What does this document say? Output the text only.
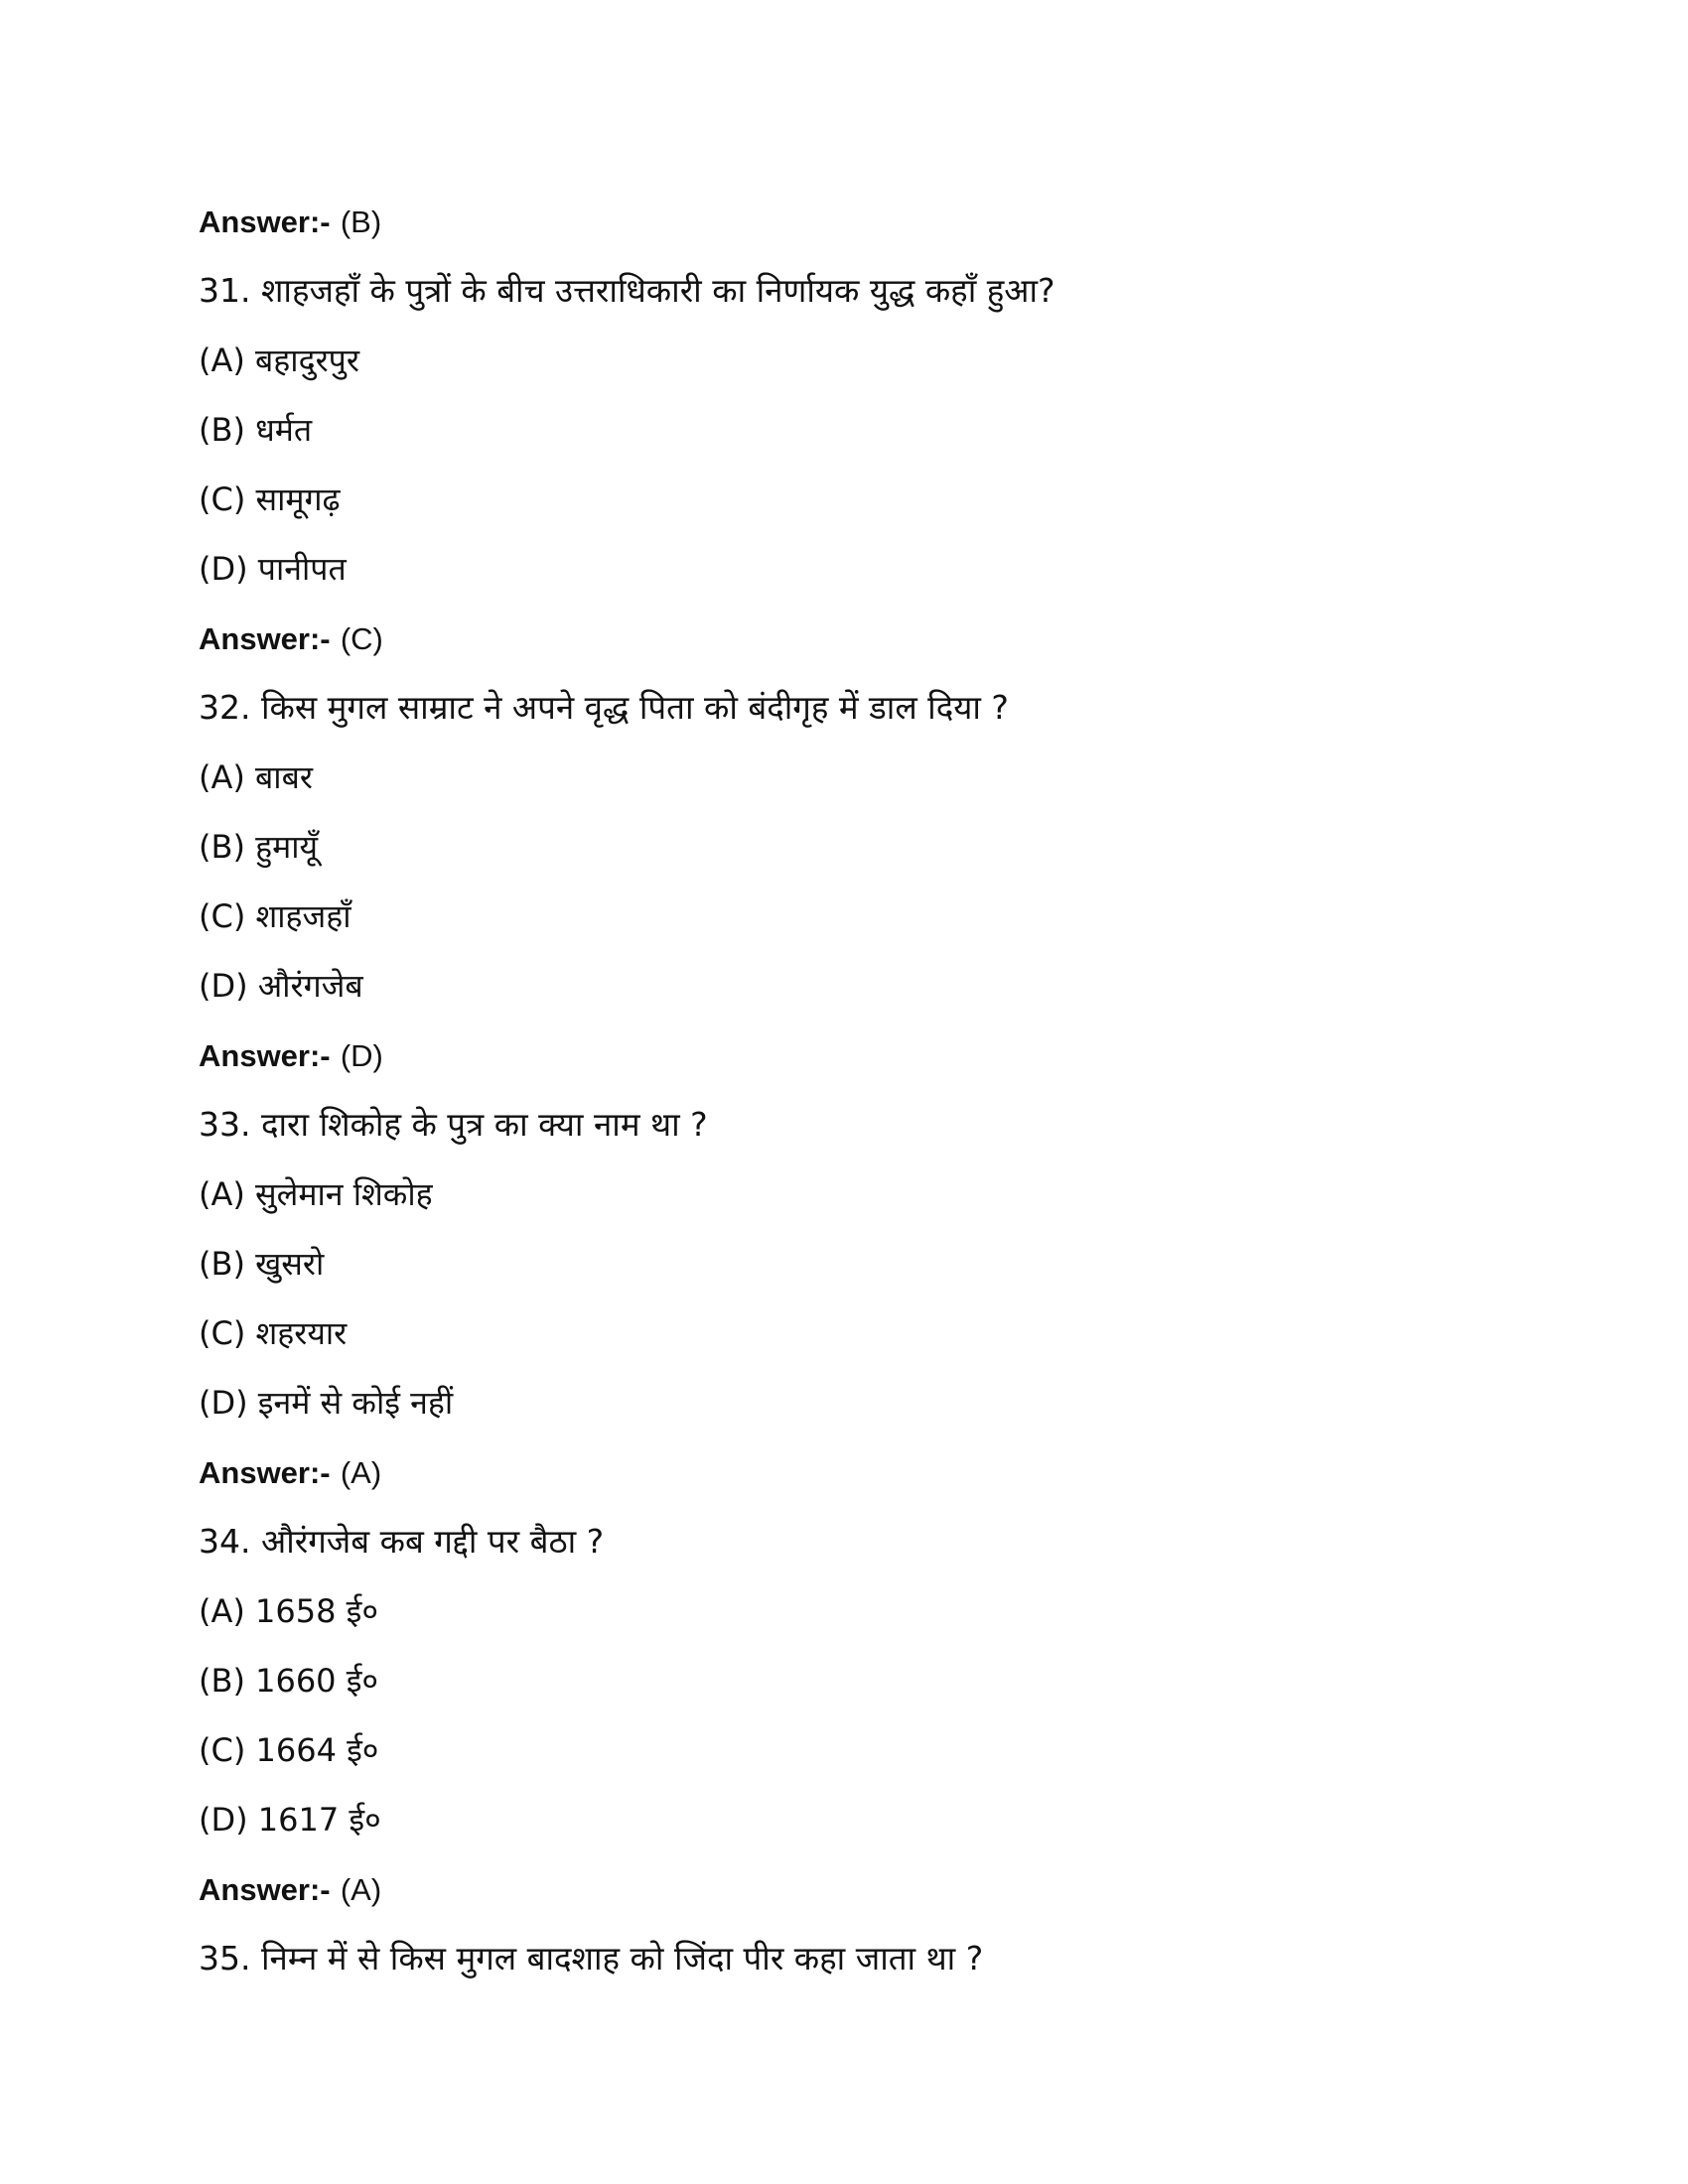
Answer:- (B)
31. शाहजहाँ के पुत्रों के बीच उत्तराधिकारी का निर्णायक युद्ध कहाँ हुआ?
(A) बहादुरपुर
(B) धर्मत
(C) सामूगढ़
(D) पानीपत
Answer:- (C)
32. किस मुगल साम्राट ने अपने वृद्ध पिता को बंदीगृह में डाल दिया ?
(A) बाबर
(B) हुमायूँ
(C) शाहजहाँ
(D) औरंगजेब
Answer:- (D)
33. दारा शिकोह के पुत्र का क्या नाम था ?
(A) सुलेमान शिकोह
(B) खुसरो
(C) शहरयार
(D) इनमें से कोई नहीं
Answer:- (A)
34. औरंगजेब कब गद्दी पर बैठा ?
(A) 1658 ई०
(B) 1660 ई०
(C) 1664 ई०
(D) 1617 ई०
Answer:- (A)
35. निम्न में से किस मुगल बादशाह को जिंदा पीर कहा जाता था ?
